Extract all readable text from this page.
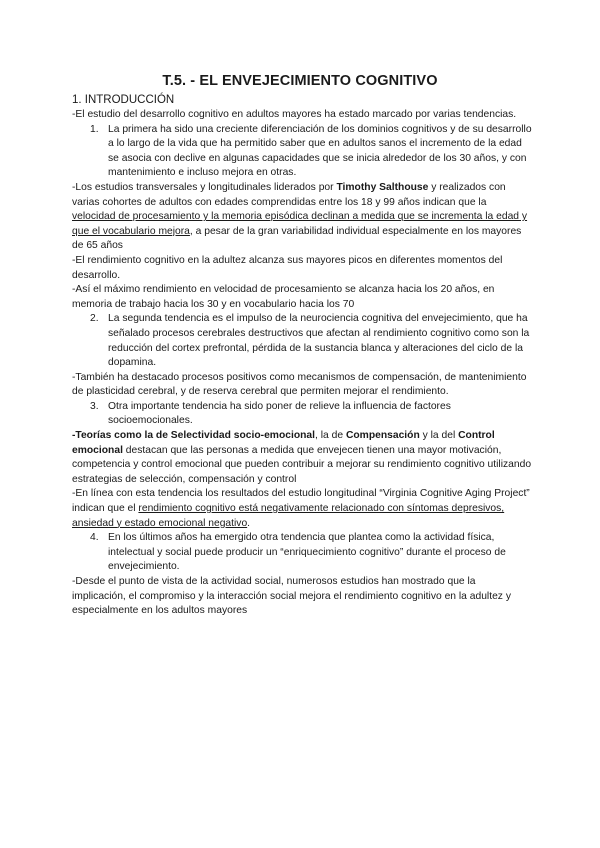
T.5. - EL ENVEJECIMIENTO COGNITIVO
1. INTRODUCCIÓN

-El estudio del desarrollo cognitivo en adultos mayores ha estado marcado por varias tendencias.

1. La primera ha sido una creciente diferenciación de los dominios cognitivos y de su desarrollo a lo largo de la vida que ha permitido saber que en adultos sanos el incremento de la edad se asocia con declive en algunas capacidades que se inicia alrededor de los 30 años, y con mantenimiento e incluso mejora en otras.

-Los estudios transversales y longitudinales liderados por Timothy Salthouse y realizados con varias cohortes de adultos con edades comprendidas entre los 18 y 99 años indican que la velocidad de procesamiento y la memoria episódica declinan a medida que se incrementa la edad y que el vocabulario mejora, a pesar de la gran variabilidad individual especialmente en los mayores de 65 años

-El rendimiento cognitivo en la adultez alcanza sus mayores picos en diferentes momentos del desarrollo.

-Así el máximo rendimiento en velocidad de procesamiento se alcanza hacia los 20 años, en memoria de trabajo hacia los 30 y en vocabulario hacia los 70

2. La segunda tendencia es el impulso de la neurociencia cognitiva del envejecimiento, que ha señalado procesos cerebrales destructivos que afectan al rendimiento cognitivo como son la reducción del cortex prefrontal, pérdida de la sustancia blanca y alteraciones del ciclo de la dopamina.

-También ha destacado procesos positivos como mecanismos de compensación, de mantenimiento de plasticidad cerebral, y de reserva cerebral que permiten mejorar el rendimiento.

3. Otra importante tendencia ha sido poner de relieve la influencia de factores socioemocionales.

-Teorías como la de Selectividad socio-emocional, la de Compensación y la del Control emocional destacan que las personas a medida que envejecen tienen una mayor motivación, competencia y control emocional que pueden contribuir a mejorar su rendimiento cognitivo utilizando estrategias de selección, compensación y control

-En línea con esta tendencia los resultados del estudio longitudinal “Virginia Cognitive Aging Project” indican que el rendimiento cognitivo está negativamente relacionado con síntomas depresivos, ansiedad y estado emocional negativo.

4. En los últimos años ha emergido otra tendencia que plantea como la actividad física, intelectual y social puede producir un “enriquecimiento cognitivo” durante el proceso de envejecimiento.

-Desde el punto de vista de la actividad social, numerosos estudios han mostrado que la implicación, el compromiso y la interacción social mejora el rendimiento cognitivo en la adultez y especialmente en los adultos mayores
